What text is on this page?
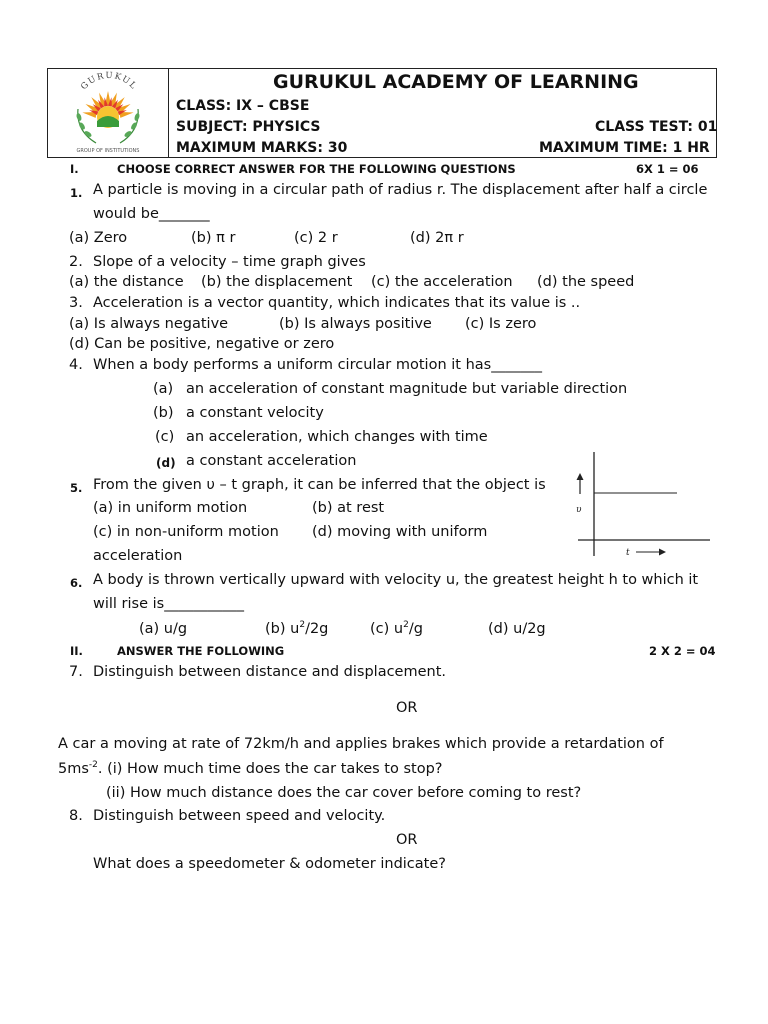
GURUKUL
GROUP OF INSTITUTIONS
GURUKUL ACADEMY OF LEARNING
CLASS: IX – CBSE
SUBJECT: PHYSICS	CLASS TEST: 01
MAXIMUM MARKS: 30	MAXIMUM TIME: 1 HR
I.	CHOOSE CORRECT ANSWER FOR THE FOLLOWING QUESTIONS	6X 1 = 06
1. A particle is moving in a circular path of radius r. The displacement after half a circle
would be_______
(a) Zero	(b) π r	(c) 2 r	(d) 2π r
2. Slope of a velocity – time graph gives
(a) the distance (b) the displacement (c) the acceleration (d) the speed
3. Acceleration is a vector quantity, which indicates that its value is ..
(a) Is always negative	(b) Is always positive (c) Is zero
(d) Can be positive, negative or zero
4. When a body performs a uniform circular motion it has_______
(a) an acceleration of constant magnitude but variable direction
(b) a constant velocity
(c) an acceleration, which changes with time
(d) a constant acceleration
5. From the given υ – t graph, it can be inferred that the object is
(a) in uniform motion	(b) at rest
(c) in non-uniform motion (d) moving with uniform
acceleration
υ
t
6. A body is thrown vertically upward with velocity u, the greatest height h to which it
will rise is___________
(a) u/g	(b) $u^2/2g$	(c) $u^2/g$	(d) u/2g
II.	ANSWER THE FOLLOWING	2 X 2 = 04
7. Distinguish between distance and displacement.
OR
A car a moving at rate of 72km/h and applies brakes which provide a retardation of
$5ms^{-2}$. (i) How much time does the car takes to stop?
(ii) How much distance does the car cover before coming to rest?
8. Distinguish between speed and velocity.
OR
What does a speedometer & odometer indicate?
